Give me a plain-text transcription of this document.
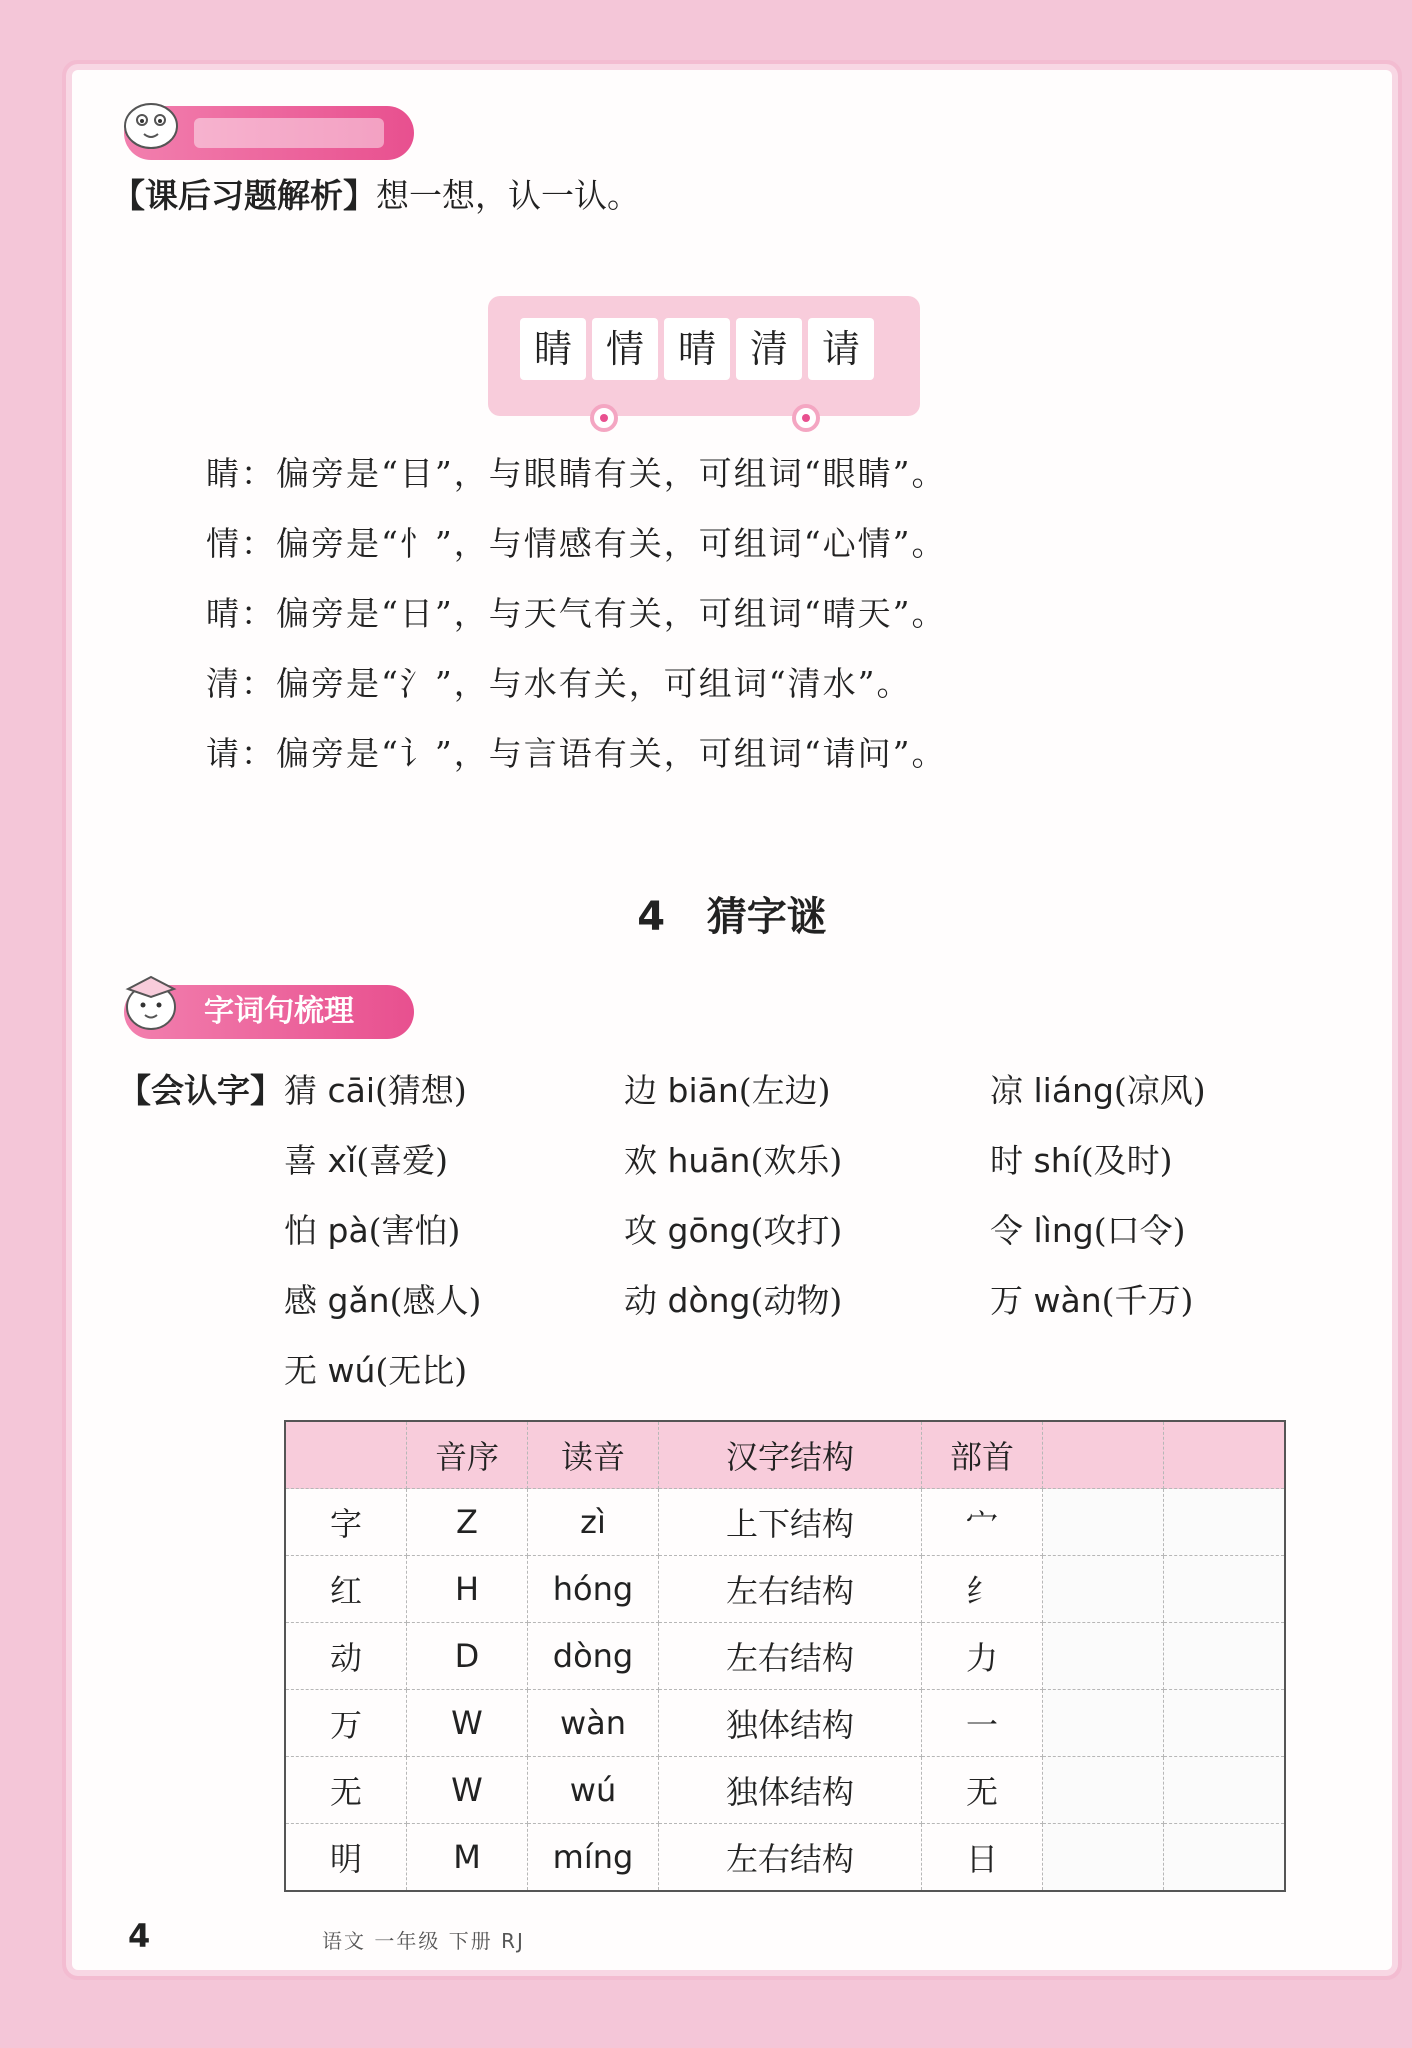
【课后习题解析】想一想，认一认。
睛 情 晴 清 请
睛：偏旁是“目”，与眼睛有关，可组词“眼睛”。
情：偏旁是“忄”，与情感有关，可组词“心情”。
晴：偏旁是“日”，与天气有关，可组词“晴天”。
清：偏旁是“氵”，与水有关，可组词“清水”。
请：偏旁是“讠”，与言语有关，可组词“请问”。
4 猜字谜
字词句梳理
【会认字】 猜 cāi(猜想)	边 biān(左边)	凉 liáng(凉风)
喜 xǐ(喜爱)	欢 huān(欢乐)	时 shí(及时)
怕 pà(害怕)	攻 gōng(攻打)	令 lìng(口令)
感 gǎn(感人)	动 dòng(动物)	万 wàn(千万)
无 wú(无比)
	音序	读音	汉字结构	部首		
字	Z	zì	上下结构	宀		
红	H	hóng	左右结构	纟		
动	D	dòng	左右结构	力		
万	W	wàn	独体结构	一		
无	W	wú	独体结构	无		
明	M	míng	左右结构	日		
4	语文 一年级 下册 RJ
